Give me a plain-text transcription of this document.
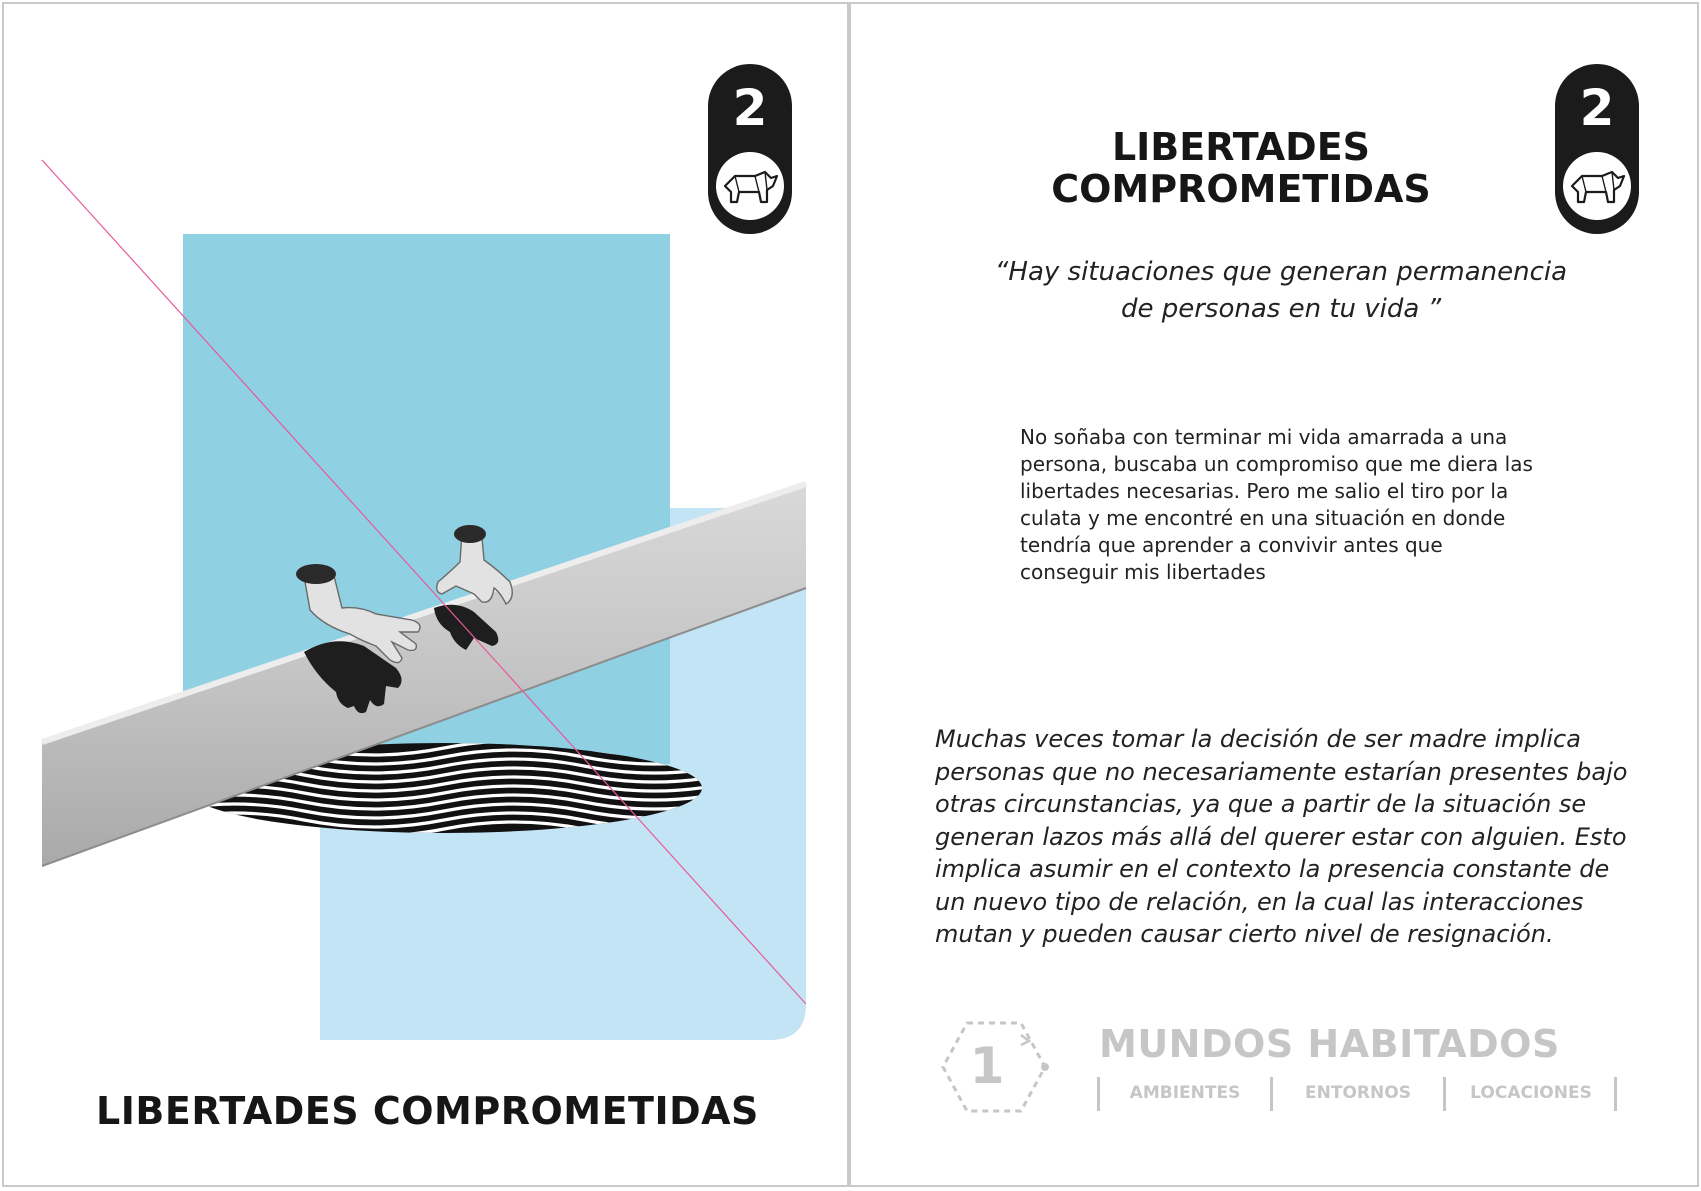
2
LIBERTADES COMPROMETIDAS
LIBERTADES
COMPROMETIDAS
2
“Hay situaciones que generan permanencia
de personas en tu vida ”
No soñaba con terminar mi vida amarrada a una
persona, buscaba un compromiso que me diera las
libertades necesarias. Pero me salio el tiro por la
culata y me encontré en una situación en donde
tendría que aprender a convivir antes que
conseguir mis libertades
Muchas veces tomar la decisión de ser madre implica
personas que no necesariamente estarían presentes bajo
otras circunstancias, ya que a partir de la situación se
generan lazos más allá del querer estar con alguien. Esto
implica asumir en el contexto la presencia constante de
un nuevo tipo de relación, en la cual las interacciones
mutan y pueden causar cierto nivel de resignación.
1 MUNDOS HABITADOS
AMBIENTES	ENTORNOS	LOCACIONES
